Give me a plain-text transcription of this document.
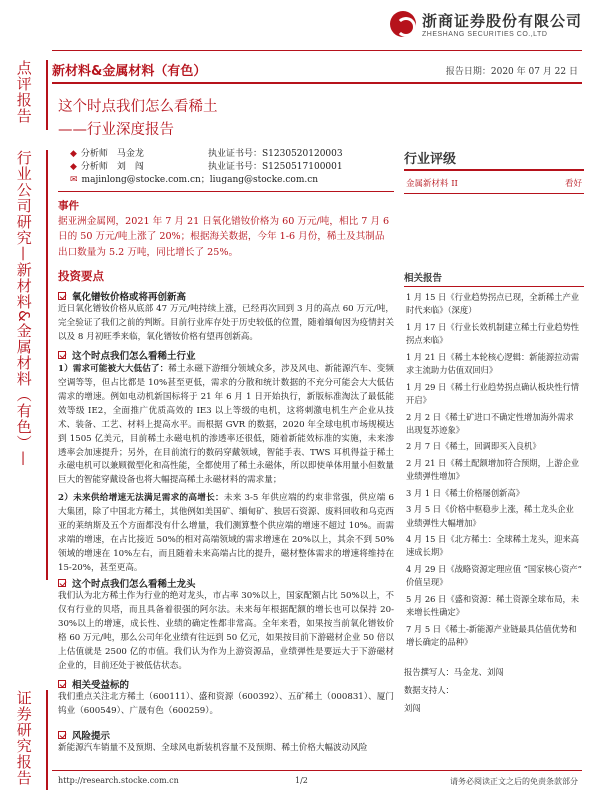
浙商证券股份有限公司
ZHESHANG SECURITIES CO.,LTD
新材料&金属材料（有色）	报告日期：2020 年 07 月 22 日
点评报告
行业公司研究—新材料&金属材料（有色）—
证券研究报告
这个时点我们怎么看稀土
——行业深度报告
◆ 分析师　马金龙	执业证书号：S1230520120003
◆ 分析师　刘　闯	执业证书号：S1250517100001
✉ majinlong@stocke.com.cn；liugang@stocke.com.cn
事件
据亚洲金属网，2021 年 7 月 21 日氧化镨钕价格为 60 万元/吨，相比 7 月 6 日的 50 万元/吨上涨了 20%；根据海关数据，今年 1-6 月份，稀土及其制品出口数量为 5.2 万吨，同比增长了 25%。
投资要点
氧化镨钕价格或将再创新高
近日氧化镨钕价格从底部 47 万元/吨持续上涨，已经再次回到 3 月的高点 60 万元/吨，完全验证了我们之前的判断。目前行业库存处于历史较低的位置，随着缅甸因为疫情封关以及 8 月初旺季来临，氧化镨钕价格有望再创新高。
这个时点我们怎么看稀土行业
1）需求可能被大大低估了：稀土永磁下游细分领域众多，涉及风电、新能源汽车、变频空调等等，但占比都是 10%甚至更低，需求的分散和统计数据的不充分可能会大大低估需求的增速。例如电动机新国标将于 21 年 6 月 1 日开始执行，新版标准淘汰了最低能效等级 IE2，全面推广优质高效的 IE3 以上等级的电机，这将刺激电机生产企业从技术、装备、工艺、材料上提高水平。而根据 GVR 的数据，2020 年全球电机市场规模达到 1505 亿美元，目前稀土永磁电机的渗透率还很低，随着新能效标准的实施，未来渗透率会加速提升；另外，在目前流行的数码穿戴领域，智能手表、TWS 耳机得益于稀土永磁电机可以兼顾微型化和高性能，全都使用了稀土永磁体，所以即使单体用量小但数量巨大的智能穿戴设备也将大幅提高稀土永磁材料的需求量；
2）未来供给增速无法满足需求的高增长：未来 3-5 年供应端的约束非常强，供应端 6 大集团，除了中国北方稀土，其他例如美国矿、缅甸矿、独居石资源、废料回收和乌克西亚的莱纳斯及五个方面都没有什么增量，我们测算整个供应端的增速不超过 10%。而需求端的增速，在占比接近 50%的相对高端领域的需求增速在 20%以上，其余不到 50%领域的增速在 10%左右，而且随着未来高端占比的提升，磁材整体需求的增速将维持在 15-20%，甚至更高。
这个时点我们怎么看稀土龙头
我们认为北方稀土作为行业的绝对龙头，市占率 30%以上，国家配额占比 50%以上，不仅有行业的贝塔，而且具备着很强的阿尔法。未来每年根据配额的增长也可以保持 20-30%以上的增速，成长性、业绩的确定性都非常高。全年来看，如果按当前氧化镨钕价格 60 万元/吨，那么公司年化业绩有往远到 50 亿元，如果按目前下游磁材企业 50 倍以上估值就是 2500 亿的市值。我们认为作为上游资源品，业绩弹性是要远大于下游磁材企业的，目前还处于被低估状态。
相关受益标的
我们重点关注北方稀土（600111）、盛和资源（600392）、五矿稀土（000831）、厦门钨业（600549）、广晟有色（600259）。
风险提示
新能源汽车销量不及预期、全球风电新装机容量不及预期、稀土价格大幅波动风险
行业评级
金属新材料 II	看好
相关报告
1 月 15 日《行业趋势拐点已现，全新稀土产业时代来临》（深度）
1 月 17 日《行业长效机制建立稀土行业趋势性拐点来临》
1 月 21 日《稀土本轮核心逻辑：新能源拉动需求主流助力估值双回归》
1 月 29 日《稀土行业趋势拐点确认板块性行情开启》
2 月 2 日《稀土矿进口不确定性增加海外需求出现复苏迹象》
2 月 7 日《稀土，回调即买入良机》
2 月 21 日《稀土配额增加符合预期，上游企业业绩弹性增加》
3 月 1 日《稀土价格屡创新高》
3 月 5 日《价格中枢稳步上涨，稀土龙头企业业绩弹性大幅增加》
4 月 15 日《北方稀土：全球稀土龙头，迎来高速成长期》
4 月 29 日《战略资源定理应值 “国家核心资产” 价值呈现》
5 月 26 日《盛和资源：稀土资源全球布局，未来增长性确定》
7 月 5 日《稀土-新能源产业链最具估值优势和增长确定的品种》
报告撰写人：马金龙、刘闯
数据支持人：
刘闯
http://research.stocke.com.cn	1/2	请务必阅读正文之后的免责条款部分
